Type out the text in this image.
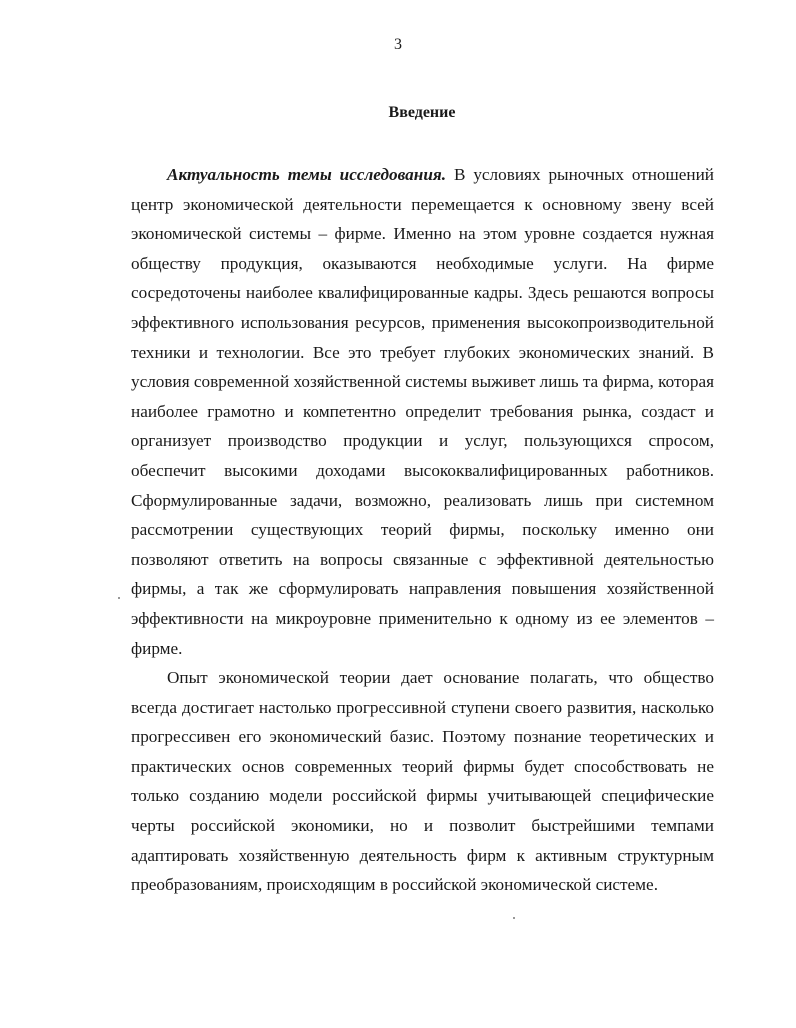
3
Введение

Актуальность темы исследования. В условиях рыночных отношений центр экономической деятельности перемещается к основному звену всей экономической системы – фирме. Именно на этом уровне создается нужная обществу продукция, оказываются необходимые услуги. На фирме сосредоточены наиболее квалифицированные кадры. Здесь решаются вопросы эффективного использования ресурсов, применения высокопроизводительной техники и технологии. Все это требует глубоких экономических знаний. В условия современной хозяйственной системы выживет лишь та фирма, которая наиболее грамотно и компетентно определит требования рынка, создаст и организует производство продукции и услуг, пользующихся спросом, обеспечит высокими доходами высококвалифицированных работников. Сформулированные задачи, возможно, реализовать лишь при системном рассмотрении существующих теорий фирмы, поскольку именно они позволяют ответить на вопросы связанные с эффективной деятельностью фирмы, а так же сформулировать направления повышения хозяйственной эффективности на микроуровне применительно к одному из ее элементов – фирме.

Опыт экономической теории дает основание полагать, что общество всегда достигает настолько прогрессивной ступени своего развития, насколько прогрессивен его экономический базис. Поэтому познание теоретических и практических основ современных теорий фирмы будет способствовать не только созданию модели российской фирмы учитывающей специфические черты российской экономики, но и позволит быстрейшими темпами адаптировать хозяйственную деятельность фирм к активным структурным преобразованиям, происходящим в российской экономической системе.
